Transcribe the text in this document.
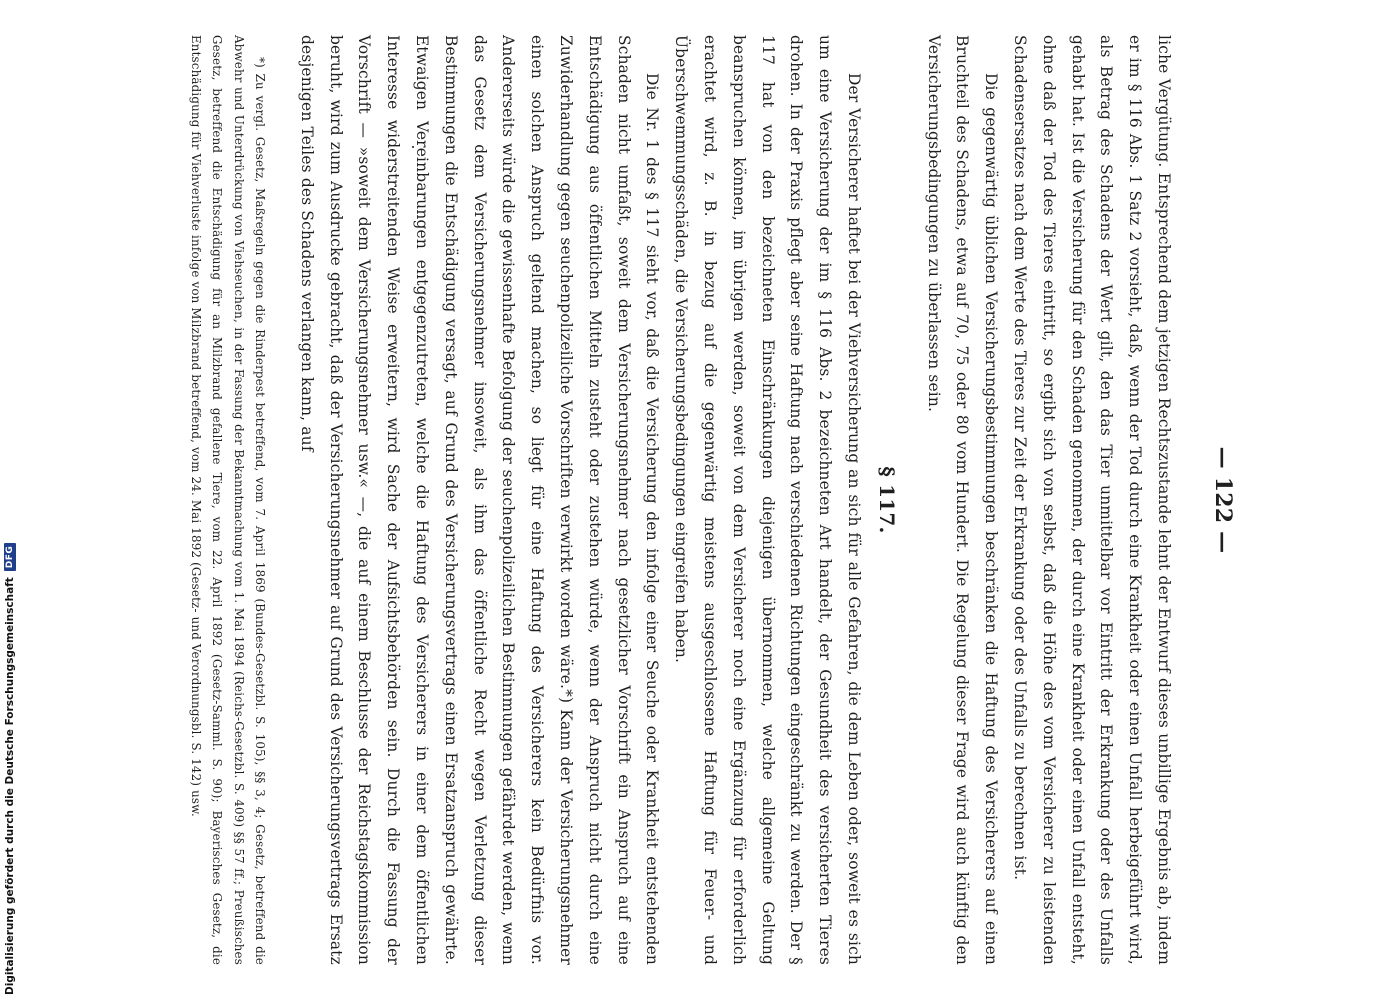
— 122 —

liche Vergütung. Entsprechend dem jetzigen Rechtszustande lehnt der Entwurf dieses unbillige Ergebnis ab, indem er im § 116 Abs. 1 Satz 2 vorsieht, daß, wenn der Tod durch eine Krankheit oder einen Unfall herbeigeführt wird, als Betrag des Schadens der Wert gilt, den das Tier unmittelbar vor Eintritt der Erkrankung oder des Unfalls gehabt hat. Ist die Versicherung für den Schaden genommen, der durch eine Krankheit oder einen Unfall entsteht, ohne daß der Tod des Tieres eintritt, so ergibt sich von selbst, daß die Höhe des vom Versicherer zu leistenden Schadensersatzes nach dem Werte des Tieres zur Zeit der Erkrankung oder des Unfalls zu berechnen ist.

Die gegenwärtig üblichen Versicherungsbestimmungen beschränken die Haftung des Versicherers auf einen Bruchteil des Schadens, etwa auf 70, 75 oder 80 vom Hundert. Die Regelung dieser Frage wird auch künftig den Versicherungsbedingungen zu überlassen sein.

§ 117.

Der Versicherer haftet bei der Viehversicherung an sich für alle Gefahren, die dem Leben oder, soweit es sich um eine Versicherung der im § 116 Abs. 2 bezeichneten Art handelt, der Gesundheit des versicherten Tieres drohen. In der Praxis pflegt aber seine Haftung nach verschiedenen Richtungen eingeschränkt zu werden. Der § 117 hat von den bezeichneten Einschränkungen diejenigen übernommen, welche allgemeine Geltung beanspruchen können, im übrigen werden, soweit von dem Versicherer noch eine Ergänzung für erforderlich erachtet wird, z. B. in bezug auf die gegenwärtig meistens ausgeschlossene Haftung für Feuer- und Überschwemmungsschäden, die Versicherungsbedingungen eingreifen haben.

Die Nr. 1 des § 117 sieht vor, daß die Versicherung den infolge einer Seuche oder Krankheit entstehenden Schaden nicht umfaßt, soweit dem Versicherungsnehmer nach gesetzlicher Vorschrift ein Anspruch auf eine Entschädigung aus öffentlichen Mitteln zusteht oder zustehen würde, wenn der Anspruch nicht durch eine Zuwiderhandlung gegen seuchenpolizeiliche Vorschriften verwirkt worden wäre.*) Kann der Versicherungsnehmer einen solchen Anspruch geltend machen, so liegt für eine Haftung des Versicherers kein Bedürfnis vor. Andererseits würde die gewissenhafte Befolgung der seuchenpolizeilichen Bestimmungen gefährdet werden, wenn das Gesetz dem Versicherungsnehmer insoweit, als ihm das öffentliche Recht wegen Verletzung dieser Bestimmungen die Entschädigung versagt, auf Grund des Versicherungsvertrags einen Ersatzanspruch gewährte. Etwaigen Vereinbarungen entgegenzutreten, welche die Haftung des Versicherers in einer dem öffentlichen Interesse widerstreitenden Weise erweitern, wird Sache der Aufsichtsbehörden sein. Durch die Fassung der Vorschrift — »soweit dem Versicherungsnehmer usw.« —, die auf einem Beschlusse der Reichstagskommission beruht, wird zum Ausdrucke gebracht, daß der Versicherungsnehmer auf Grund des Versicherungsvertrags Ersatz desjenigen Teiles des Schadens verlangen kann, auf

*) Zu vergl. Gesetz, Maßregeln gegen die Rinderpest betreffend, vom 7. April 1869 (Bundes-Gesetzbl. S. 105), §§ 3, 4; Gesetz, betreffend die Abwehr und Unterdrückung von Viehseuchen, in der Fassung der Bekanntmachung vom 1. Mai 1894 (Reichs-Gesetzbl. S. 409) §§ 57 ff.; Preußisches Gesetz, betreffend die Entschädigung für an Milzbrand gefallene Tiere, vom 22. April 1892 (Gesetz-Samml. S. 90); Bayerisches Gesetz, die Entschädigung für Viehverluste infolge von Milzbrand betreffend, vom 24. Mai 1892 (Gesetz- und Verordnungsbl. S. 142) usw.

Digitalisierung gefördert durch die Deutsche Forschungsgemeinschaft
DFG
